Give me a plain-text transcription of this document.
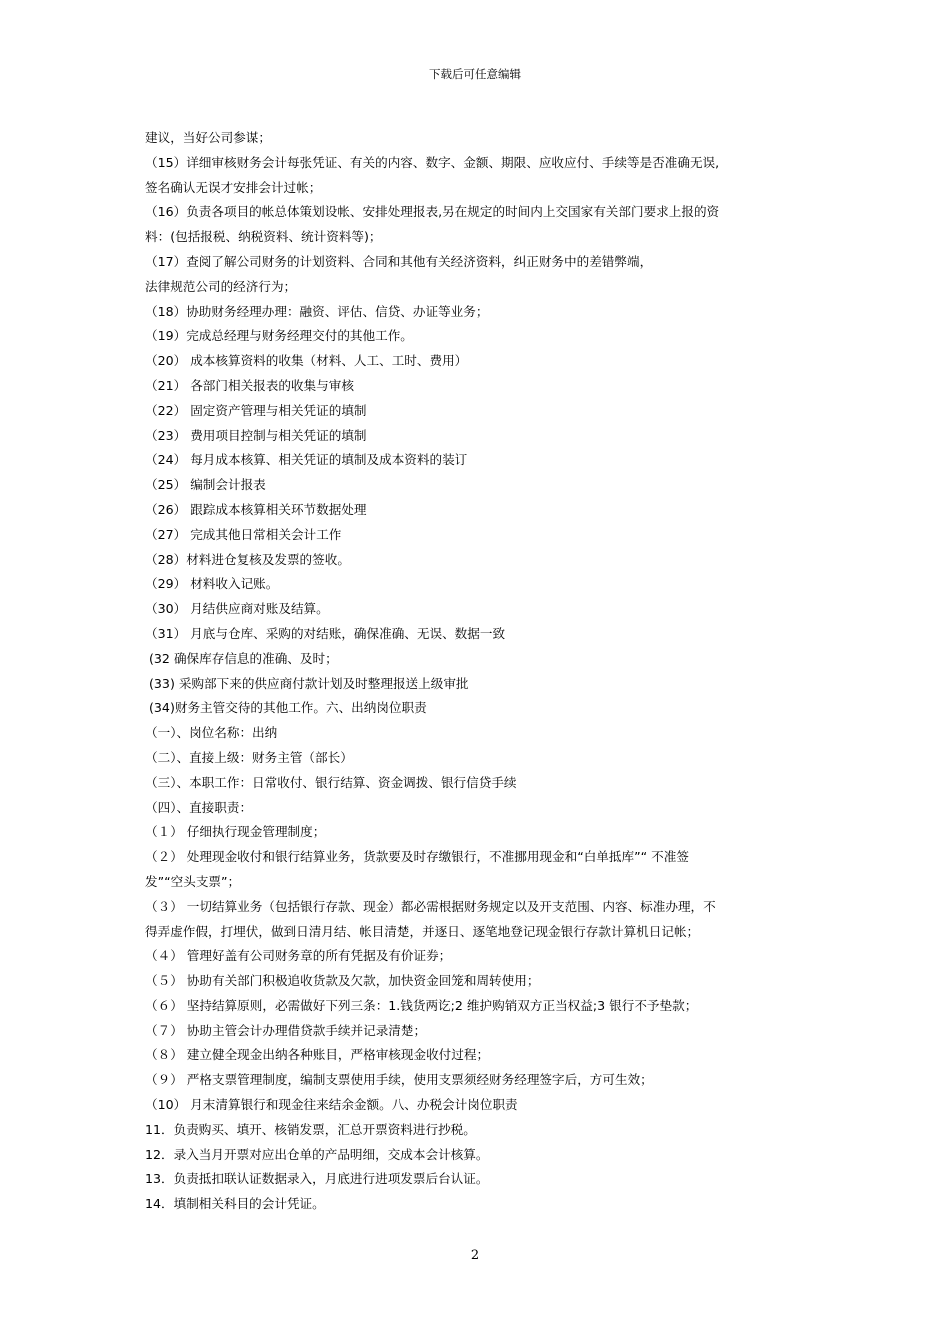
下载后可任意编辑
建议，当好公司参谋；
（15）详细审核财务会计每张凭证、有关的内容、数字、金额、期限、应收应付、手续等是否准确无误,
签名确认无误才安排会计过帐；
（16）负责各项目的帐总体策划设帐、安排处理报表,另在规定的时间内上交国家有关部门要求上报的资
料：(包括报税、纳税资料、统计资料等)；
（17）查阅了解公司财务的计划资料、合同和其他有关经济资料，纠正财务中的差错弊端，
法律规范公司的经济行为；
（18）协助财务经理办理：融资、评估、信贷、办证等业务；
（19）完成总经理与财务经理交付的其他工作。
（20） 成本核算资料的收集（材料、人工、工时、费用）
（21） 各部门相关报表的收集与审核
（22） 固定资产管理与相关凭证的填制
（23） 费用项目控制与相关凭证的填制
（24） 每月成本核算、相关凭证的填制及成本资料的装订
（25） 编制会计报表
（26） 跟踪成本核算相关环节数据处理
（27） 完成其他日常相关会计工作
（28）材料进仓复核及发票的签收。
（29） 材料收入记账。
（30） 月结供应商对账及结算。
（31） 月底与仓库、采购的对结账，确保准确、无误、数据一致
(32 确保库存信息的准确、及时；
(33) 采购部下来的供应商付款计划及时整理报送上级审批
(34)财务主管交待的其他工作。六、出纳岗位职责
（一）、岗位名称：出纳
（二）、直接上级：财务主管（部长）
（三）、本职工作：日常收付、银行结算、资金调拨、银行信贷手续
（四）、直接职责：
（１） 仔细执行现金管理制度；
（２） 处理现金收付和银行结算业务，货款要及时存缴银行，不准挪用现金和“白单抵库”“ 不准签
发”“空头支票”；
（３） 一切结算业务（包括银行存款、现金）都必需根据财务规定以及开支范围、内容、标准办理，不
得弄虚作假，打埋伏，做到日清月结、帐目清楚，并逐日、逐笔地登记现金银行存款计算机日记帐；
（４） 管理好盖有公司财务章的所有凭据及有价证券；
（５） 协助有关部门积极追收货款及欠款，加快资金回笼和周转使用；
（６） 坚持结算原则，必需做好下列三条：1.钱货两讫;2 维护购销双方正当权益;3 银行不予垫款；
（７） 协助主管会计办理借贷款手续并记录清楚；
（８） 建立健全现金出纳各种账目，严格审核现金收付过程；
（９） 严格支票管理制度，编制支票使用手续，使用支票须经财务经理签字后，方可生效；
（10） 月末清算银行和现金往来结余金额。八、办税会计岗位职责
11．负责购买、填开、核销发票，汇总开票资料进行抄税。
12．录入当月开票对应出仓单的产品明细，交成本会计核算。
13．负责抵扣联认证数据录入，月底进行进项发票后台认证。
14．填制相关科目的会计凭证。
2
